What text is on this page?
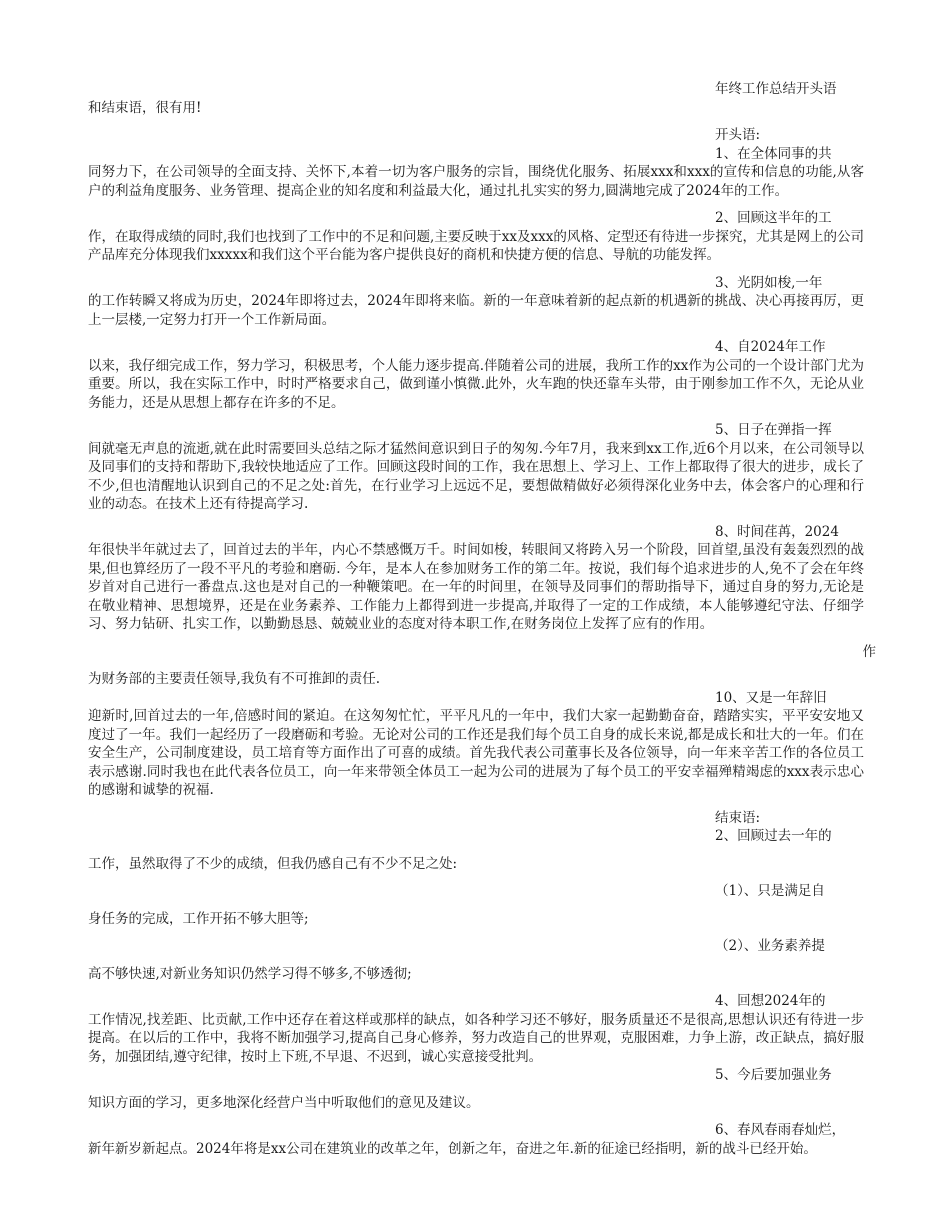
年终工作总结开头语
和结束语，很有用!
开头语:
1、在全体同事的共

同努力下，在公司领导的全面支持、关怀下,本着一切为客户服务的宗旨，围绕优化服务、拓展xxx和xxx的宣传和信息的功能,从客户的利益角度服务、业务管理、提高企业的知名度和利益最大化，通过扎扎实实的努力,圆满地完成了2024年的工作。

2、回顾这半年的工

作，在取得成绩的同时,我们也找到了工作中的不足和问题,主要反映于xx及xxx的风格、定型还有待进一步探究，尤其是网上的公司产品库充分体现我们xxxxx和我们这个平台能为客户提供良好的商机和快捷方便的信息、导航的功能发挥。

3、光阴如梭,一年

的工作转瞬又将成为历史，2024年即将过去，2024年即将来临。新的一年意味着新的起点新的机遇新的挑战、决心再接再厉，更上一层楼,一定努力打开一个工作新局面。

4、自2024年工作

以来，我仔细完成工作，努力学习，积极思考，个人能力逐步提高.伴随着公司的进展，我所工作的xx作为公司的一个设计部门尤为重要。所以，我在实际工作中，时时严格要求自己，做到谨小慎微.此外，火车跑的快还靠车头带，由于刚参加工作不久，无论从业务能力，还是从思想上都存在许多的不足。

5、日子在弹指一挥

间就毫无声息的流逝,就在此时需要回头总结之际才猛然间意识到日子的匆匆.今年7月，我来到xx工作,近6个月以来，在公司领导以及同事们的支持和帮助下,我较快地适应了工作。回顾这段时间的工作，我在思想上、学习上、工作上都取得了很大的进步，成长了不少,但也清醒地认识到自己的不足之处:首先，在行业学习上远远不足，要想做精做好必须得深化业务中去，体会客户的心理和行业的动态。在技术上还有待提高学习.

8、时间荏苒，2024

年很快半年就过去了，回首过去的半年，内心不禁感慨万千。时间如梭，转眼间又将跨入另一个阶段，回首望,虽没有轰轰烈烈的战果,但也算经历了一段不平凡的考验和磨砺. 今年，是本人在参加财务工作的第二年。按说，我们每个追求进步的人,免不了会在年终岁首对自己进行一番盘点.这也是对自己的一种鞭策吧。在一年的时间里，在领导及同事们的帮助指导下，通过自身的努力,无论是在敬业精神、思想境界，还是在业务素养、工作能力上都得到进一步提高,并取得了一定的工作成绩，本人能够遵纪守法、仔细学习、努力钻研、扎实工作，以勤勤恳恳、兢兢业业的态度对待本职工作,在财务岗位上发挥了应有的作用。

作
为财务部的主要责任领导,我负有不可推卸的责任.
10、又是一年辞旧

迎新时,回首过去的一年,倍感时间的紧迫。在这匆匆忙忙，平平凡凡的一年中，我们大家一起勤勤奋奋，踏踏实实，平平安安地又度过了一年。我们一起经历了一段磨砺和考验。无论对公司的工作还是我们每个员工自身的成长来说,都是成长和壮大的一年。们在安全生产，公司制度建设，员工培育等方面作出了可喜的成绩。首先我代表公司董事长及各位领导，向一年来辛苦工作的各位员工表示感谢.同时我也在此代表各位员工，向一年来带领全体员工一起为公司的进展为了每个员工的平安幸福殚精竭虑的xxx表示忠心的感谢和诚挚的祝福.

结束语:
2、回顾过去一年的

工作，虽然取得了不少的成绩，但我仍感自己有不少不足之处:

（1）、只是满足自

身任务的完成，工作开拓不够大胆等;

（2）、业务素养提

高不够快速,对新业务知识仍然学习得不够多,不够透彻;

4、回想2024年的

工作情况,找差距、比贡献,工作中还存在着这样或那样的缺点，如各种学习还不够好，服务质量还不是很高,思想认识还有待进一步提高。在以后的工作中，我将不断加强学习,提高自己身心修养，努力改造自己的世界观，克服困难，力争上游，改正缺点，搞好服务，加强团结,遵守纪律，按时上下班,不早退、不迟到，诚心实意接受批判。

5、今后要加强业务

知识方面的学习，更多地深化经营户当中听取他们的意见及建议。

6、春风春雨春灿烂，

新年新岁新起点。2024年将是xx公司在建筑业的改革之年，创新之年，奋进之年.新的征途已经指明，新的战斗已经开始。
